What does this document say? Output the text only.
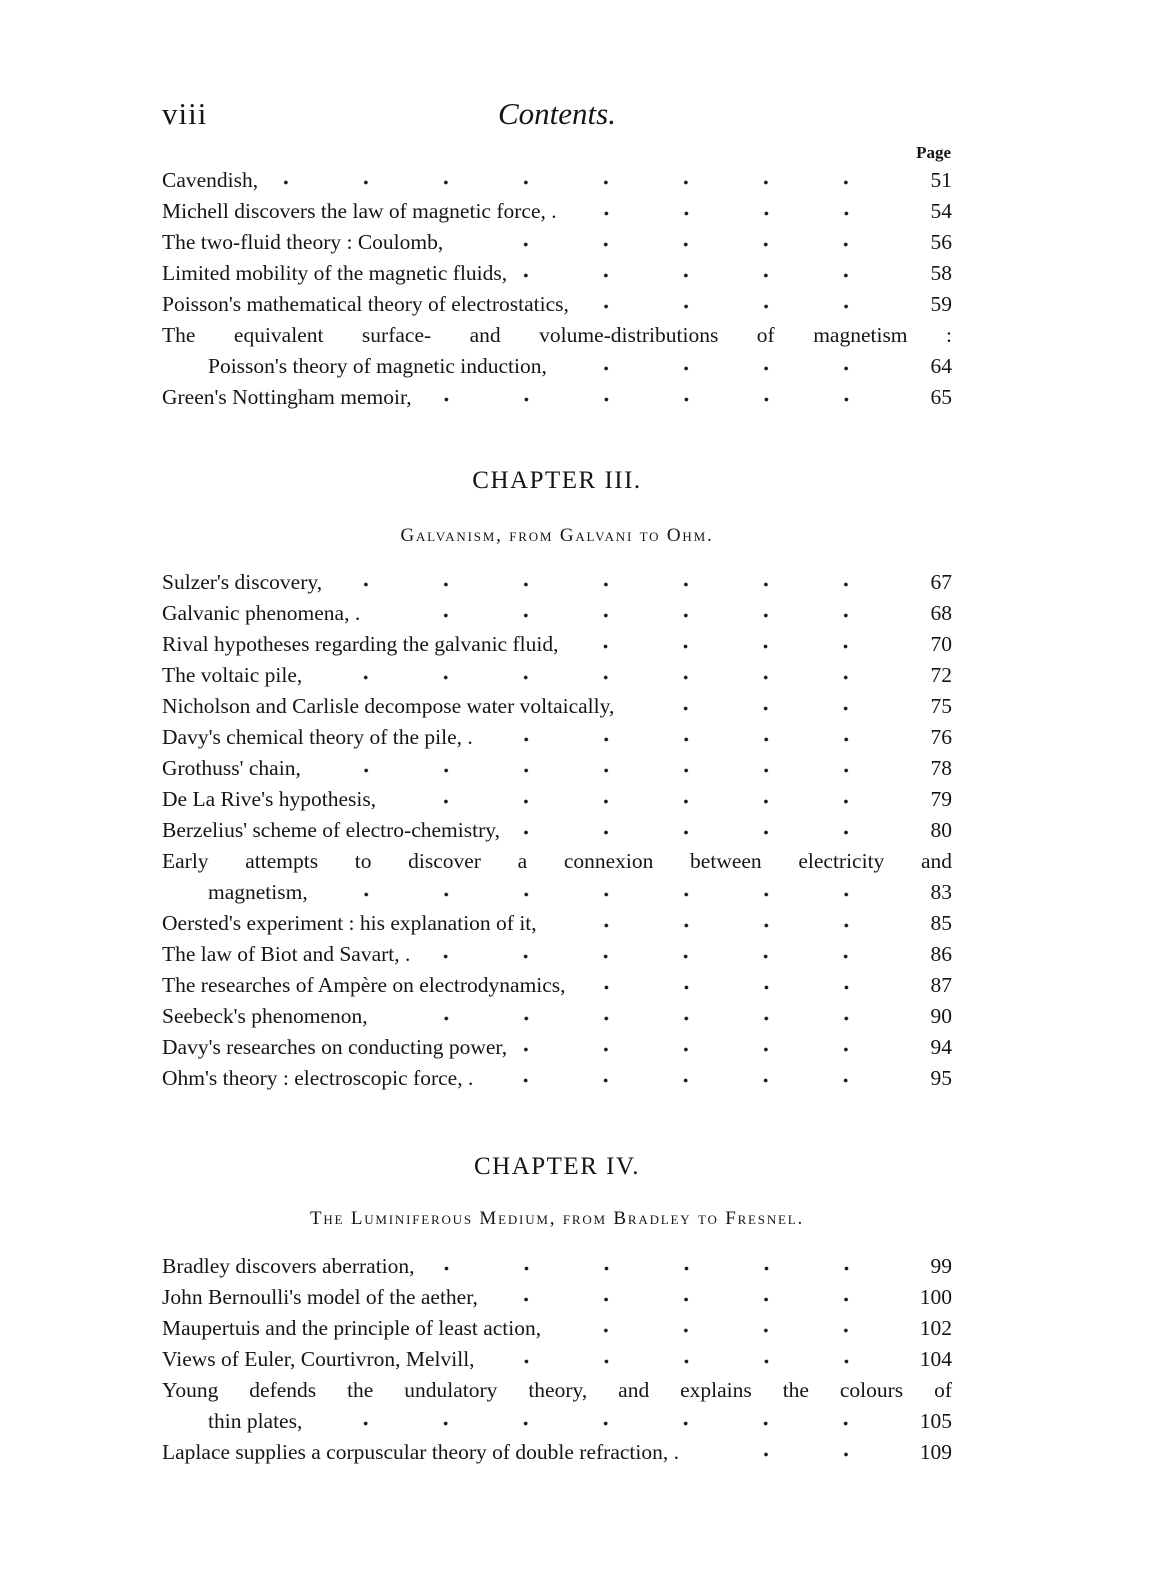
viii	Contents.
Page
Cavendish,	51
Michell discovers the law of magnetic force, .	54
The two-fluid theory : Coulomb,	56
Limited mobility of the magnetic fluids,	58
Poisson's mathematical theory of electrostatics,	59
The equivalent surface- and volume-distributions of magnetism :
Poisson's theory of magnetic induction,	64
Green's Nottingham memoir,	65
CHAPTER III.
Galvanism, from Galvani to Ohm.
Sulzer's discovery,	67
Galvanic phenomena, .	68
Rival hypotheses regarding the galvanic fluid,	70
The voltaic pile,	72
Nicholson and Carlisle decompose water voltaically,	75
Davy's chemical theory of the pile, .	76
Grothuss' chain,	78
De La Rive's hypothesis,	79
Berzelius' scheme of electro-chemistry,	80
Early attempts to discover a connexion between electricity and
magnetism,	83
Oersted's experiment : his explanation of it,	85
The law of Biot and Savart, .	86
The researches of Ampère on electrodynamics,	87
Seebeck's phenomenon,	90
Davy's researches on conducting power,	94
Ohm's theory : electroscopic force, .	95
CHAPTER IV.
The Luminiferous Medium, from Bradley to Fresnel.
Bradley discovers aberration,	99
John Bernoulli's model of the aether,	100
Maupertuis and the principle of least action,	102
Views of Euler, Courtivron, Melvill,	104
Young defends the undulatory theory, and explains the colours of
thin plates,	105
Laplace supplies a corpuscular theory of double refraction, .	109
